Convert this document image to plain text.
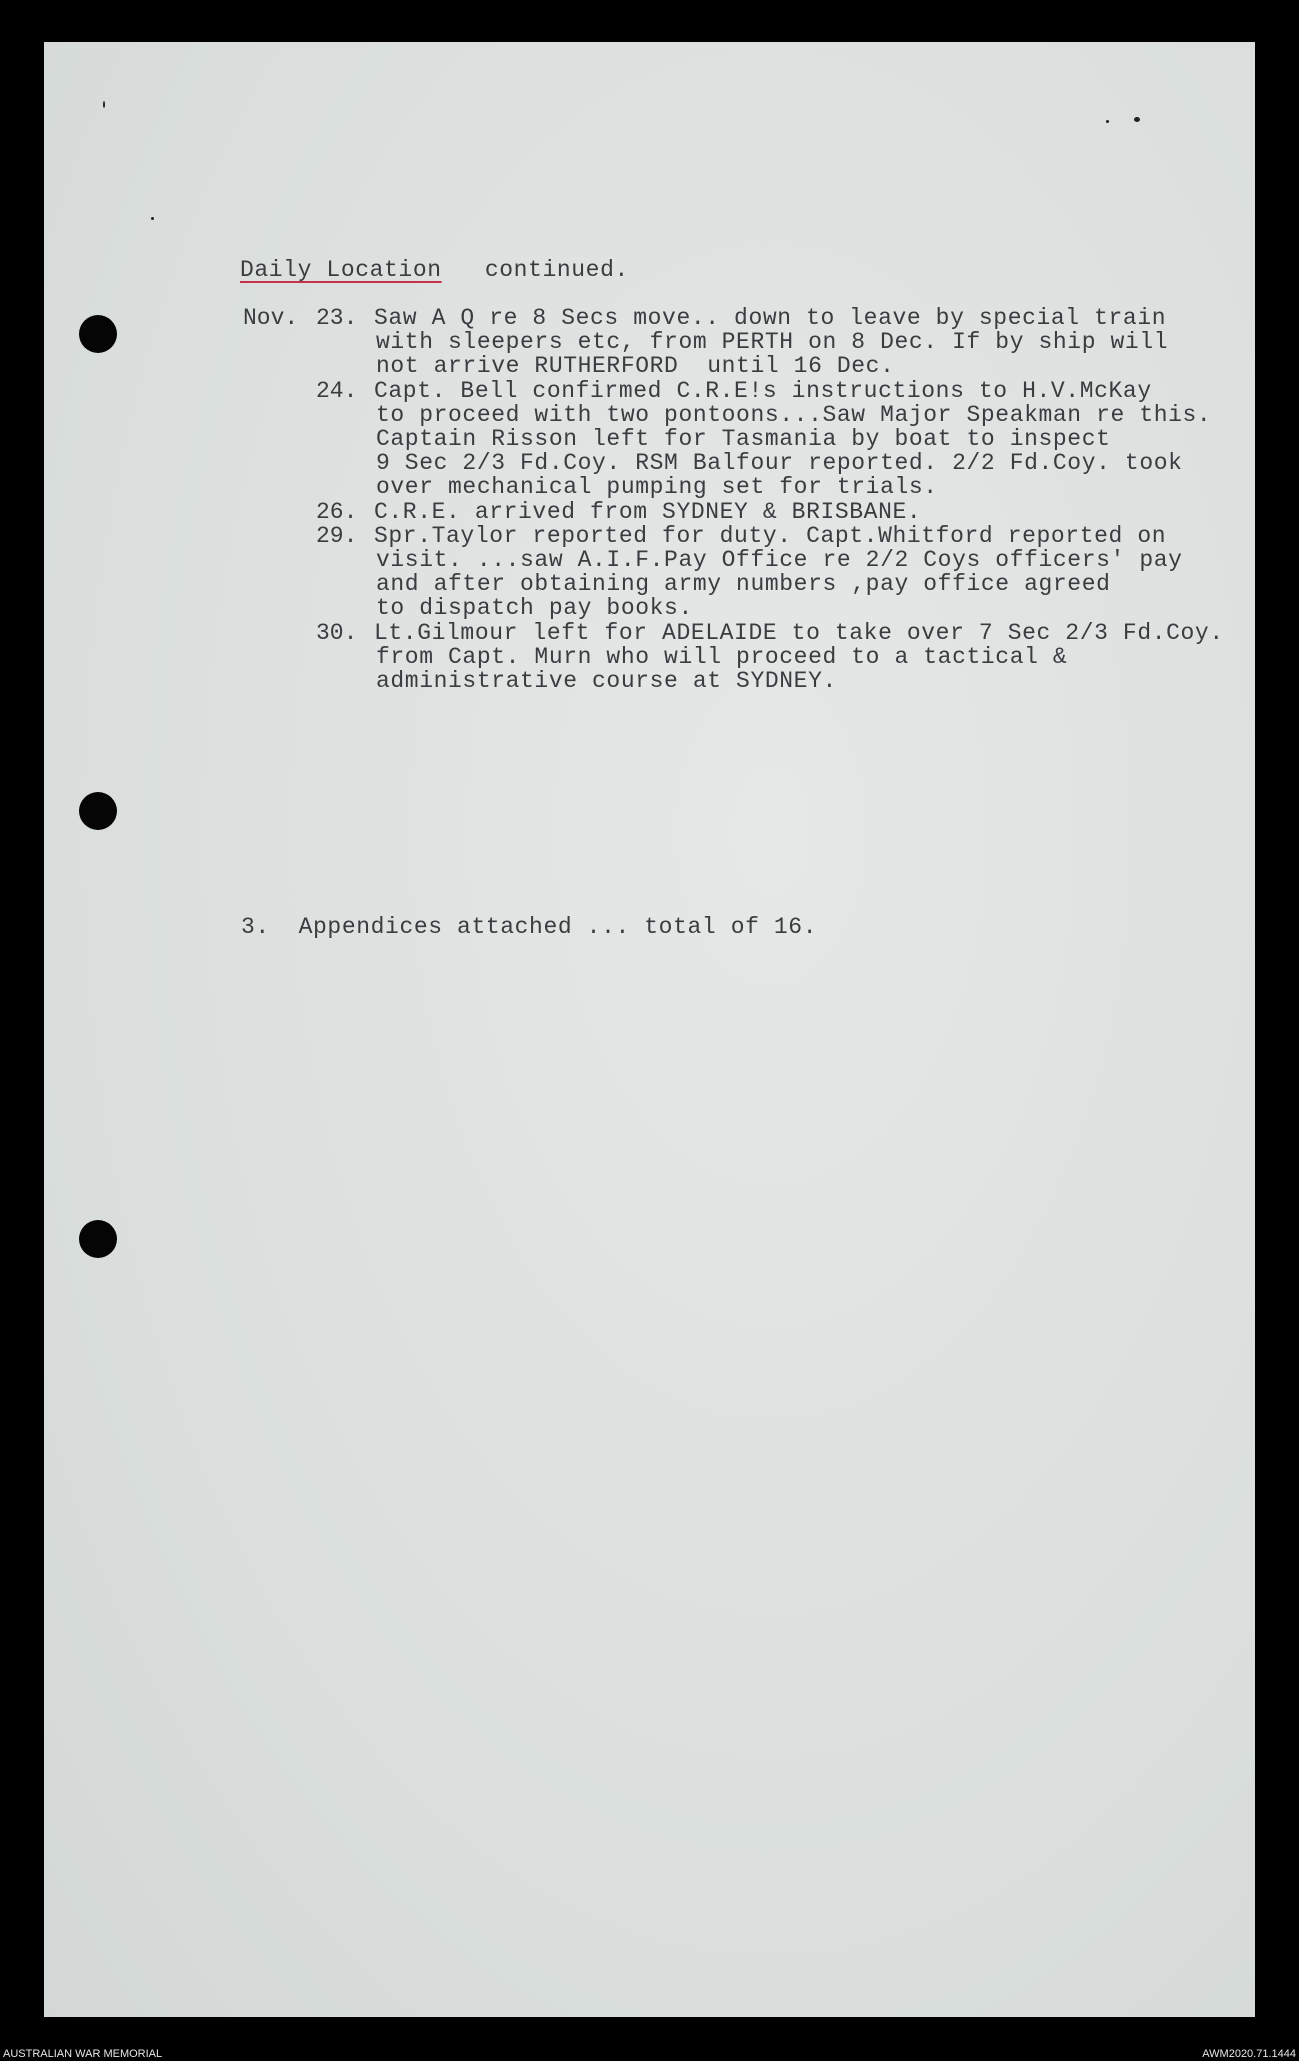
Daily Location continued.
Nov. 23. Saw A Q re 8 Secs move.. down to leave by special train
with sleepers etc, from PERTH on 8 Dec. If by ship will
not arrive RUTHERFORD  until 16 Dec.
24. Capt. Bell confirmed C.R.E!s instructions to H.V.McKay
to proceed with two pontoons...Saw Major Speakman re this.
Captain Risson left for Tasmania by boat to inspect
9 Sec 2/3 Fd.Coy. RSM Balfour reported. 2/2 Fd.Coy. took
over mechanical pumping set for trials.
26. C.R.E. arrived from SYDNEY & BRISBANE.
29. Spr.Taylor reported for duty. Capt.Whitford reported on
visit. ...saw A.I.F.Pay Office re 2/2 Coys officers' pay
and after obtaining army numbers ,pay office agreed
to dispatch pay books.
30. Lt.Gilmour left for ADELAIDE to take over 7 Sec 2/3 Fd.Coy.
from Capt. Murn who will proceed to a tactical &
administrative course at SYDNEY.
3. Appendices attached ... total of 16.
AUSTRALIAN WAR MEMORIAL	AWM2020.71.1444
